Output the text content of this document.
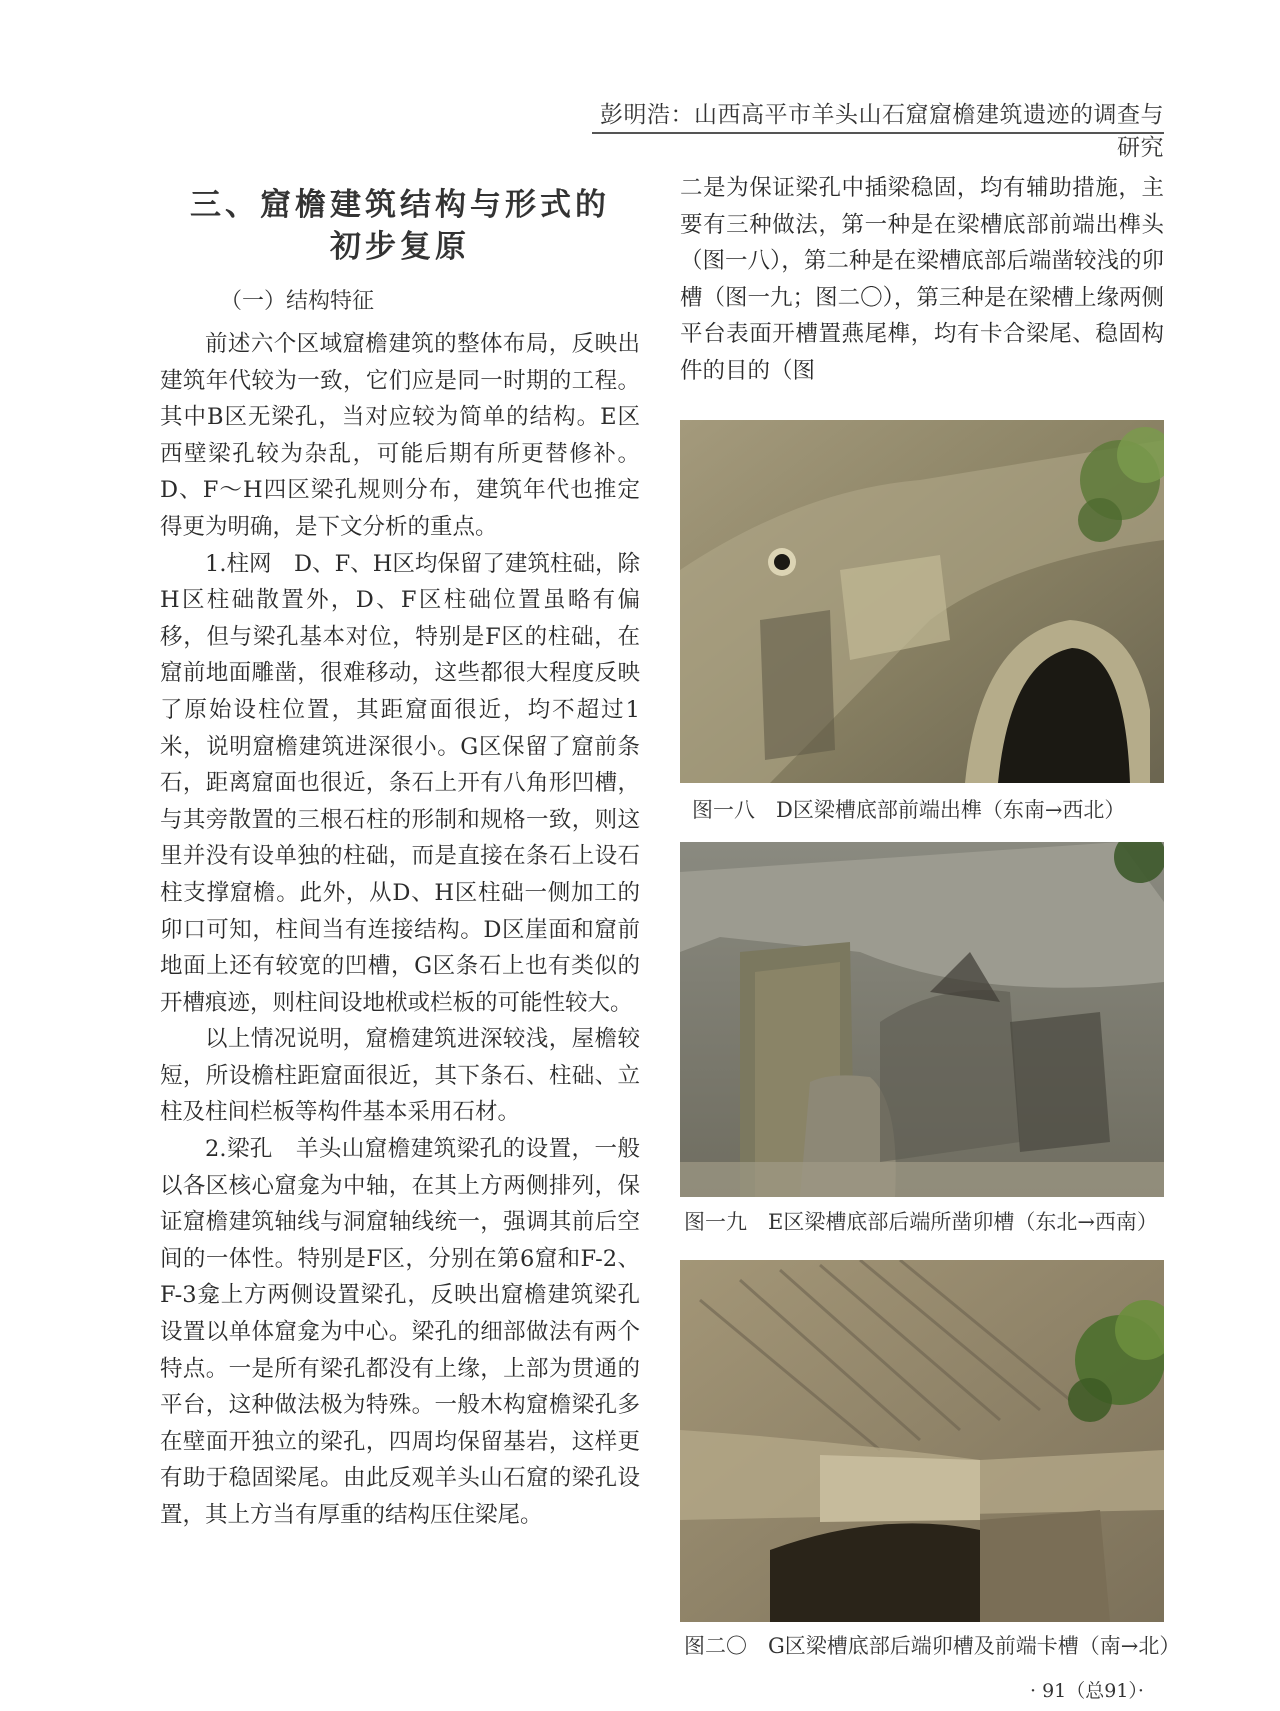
彭明浩：山西高平市羊头山石窟窟檐建筑遗迹的调查与研究
三、窟檐建筑结构与形式的
初步复原
（一）结构特征

前述六个区域窟檐建筑的整体布局，反映出建筑年代较为一致，它们应是同一时期的工程。其中B区无梁孔，当对应较为简单的结构。E区西壁梁孔较为杂乱，可能后期有所更替修补。D、F～H四区梁孔规则分布，建筑年代也推定得更为明确，是下文分析的重点。

1.柱网　D、F、H区均保留了建筑柱础，除H区柱础散置外，D、F区柱础位置虽略有偏移，但与梁孔基本对位，特别是F区的柱础，在窟前地面雕凿，很难移动，这些都很大程度反映了原始设柱位置，其距窟面很近，均不超过1米，说明窟檐建筑进深很小。G区保留了窟前条石，距离窟面也很近，条石上开有八角形凹槽，与其旁散置的三根石柱的形制和规格一致，则这里并没有设单独的柱础，而是直接在条石上设石柱支撑窟檐。此外，从D、H区柱础一侧加工的卯口可知，柱间当有连接结构。D区崖面和窟前地面上还有较宽的凹槽，G区条石上也有类似的开槽痕迹，则柱间设地栿或栏板的可能性较大。

以上情况说明，窟檐建筑进深较浅，屋檐较短，所设檐柱距窟面很近，其下条石、柱础、立柱及柱间栏板等构件基本采用石材。

2.梁孔　羊头山窟檐建筑梁孔的设置，一般以各区核心窟龛为中轴，在其上方两侧排列，保证窟檐建筑轴线与洞窟轴线统一，强调其前后空间的一体性。特别是F区，分别在第6窟和F-2、F-3龛上方两侧设置梁孔，反映出窟檐建筑梁孔设置以单体窟龛为中心。梁孔的细部做法有两个特点。一是所有梁孔都没有上缘，上部为贯通的平台，这种做法极为特殊。一般木构窟檐梁孔多在壁面开独立的梁孔，四周均保留基岩，这样更有助于稳固梁尾。由此反观羊头山石窟的梁孔设置，其上方当有厚重的结构压住梁尾。

二是为保证梁孔中插梁稳固，均有辅助措施，主要有三种做法，第一种是在梁槽底部前端出榫头（图一八），第二种是在梁槽底部后端凿较浅的卯槽（图一九；图二〇），第三种是在梁槽上缘两侧平台表面开槽置燕尾榫，均有卡合梁尾、稳固构件的目的（图

图一八　D区梁槽底部前端出榫（东南→西北）
图一九　E区梁槽底部后端所凿卯槽（东北→西南）
图二〇　G区梁槽底部后端卯槽及前端卡槽（南→北）
· 91（总91）·
